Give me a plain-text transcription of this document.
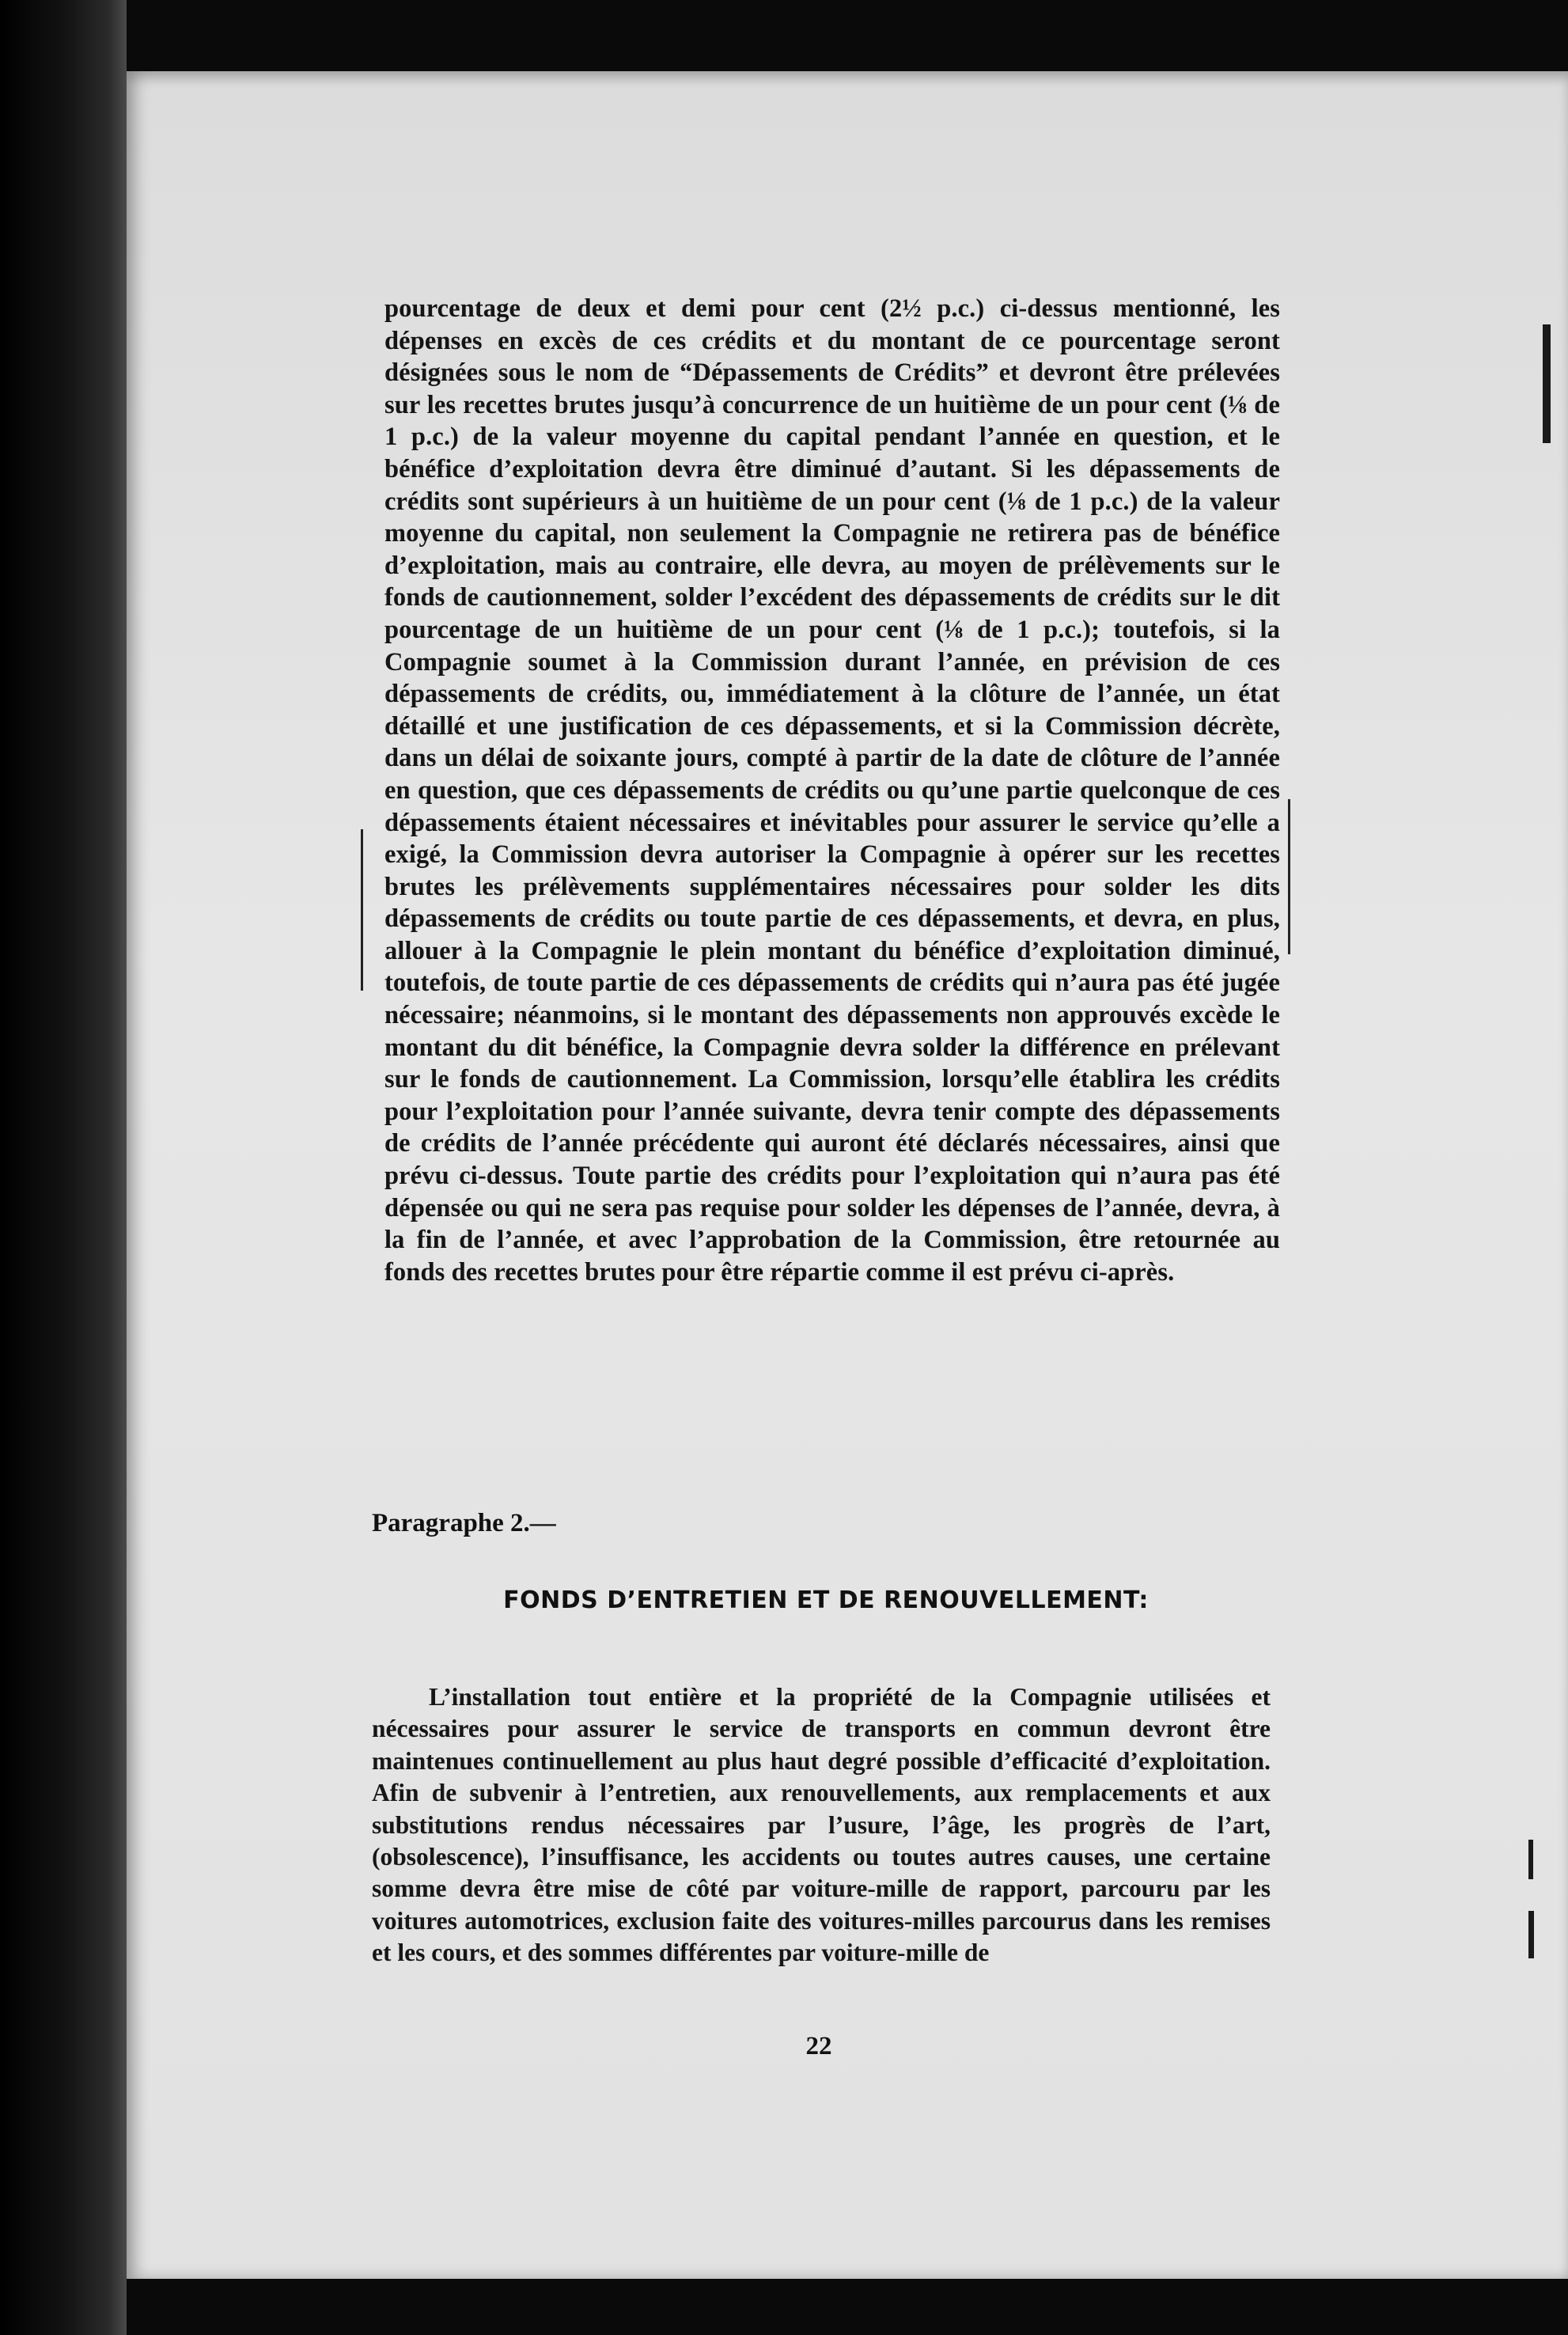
pourcentage de deux et demi pour cent (2½ p.c.) ci-dessus mentionné, les dépenses en excès de ces crédits et du montant de ce pourcentage seront désignées sous le nom de “Dépassements de Crédits” et devront être prélevées sur les recettes brutes jusqu’à concurrence de un huitième de un pour cent (⅛ de 1 p.c.) de la valeur moyenne du capital pendant l’année en question, et le bénéfice d’exploitation devra être diminué d’autant. Si les dépassements de crédits sont supérieurs à un huitième de un pour cent (⅛ de 1 p.c.) de la valeur moyenne du capital, non seulement la Compagnie ne retirera pas de bénéfice d’exploitation, mais au contraire, elle devra, au moyen de prélèvements sur le fonds de cautionnement, solder l’excédent des dépassements de crédits sur le dit pourcentage de un huitième de un pour cent (⅛ de 1 p.c.); toutefois, si la Compagnie soumet à la Commission durant l’année, en prévision de ces dépassements de crédits, ou, immédiatement à la clôture de l’année, un état détaillé et une justification de ces dépassements, et si la Commission décrète, dans un délai de soixante jours, compté à partir de la date de clôture de l’année en question, que ces dépassements de crédits ou qu’une partie quelconque de ces dépassements étaient nécessaires et inévitables pour assurer le service qu’elle a exigé, la Commission devra autoriser la Compagnie à opérer sur les recettes brutes les prélèvements supplémentaires nécessaires pour solder les dits dépassements de crédits ou toute partie de ces dépassements, et devra, en plus, allouer à la Compagnie le plein montant du bénéfice d’exploitation diminué, toutefois, de toute partie de ces dépassements de crédits qui n’aura pas été jugée nécessaire; néanmoins, si le montant des dépassements non approuvés excède le montant du dit bénéfice, la Compagnie devra solder la différence en prélevant sur le fonds de cautionnement. La Commission, lorsqu’elle établira les crédits pour l’exploitation pour l’année suivante, devra tenir compte des dépassements de crédits de l’année précédente qui auront été déclarés nécessaires, ainsi que prévu ci-dessus. Toute partie des crédits pour l’exploitation qui n’aura pas été dépensée ou qui ne sera pas requise pour solder les dépenses de l’année, devra, à la fin de l’année, et avec l’approbation de la Commission, être retournée au fonds des recettes brutes pour être répartie comme il est prévu ci-après.

Paragraphe 2.—

FONDS D’ENTRETIEN ET DE RENOUVELLEMENT:

L’installation tout entière et la propriété de la Compagnie utilisées et nécessaires pour assurer le service de transports en commun devront être maintenues continuellement au plus haut degré possible d’efficacité d’exploitation. Afin de subvenir à l’entretien, aux renouvellements, aux remplacements et aux substitutions rendus nécessaires par l’usure, l’âge, les progrès de l’art, (obsolescence), l’insuffisance, les accidents ou toutes autres causes, une certaine somme devra être mise de côté par voiture-mille de rapport, parcouru par les voitures automotrices, exclusion faite des voitures-milles parcourus dans les remises et les cours, et des sommes différentes par voiture-mille de

22
